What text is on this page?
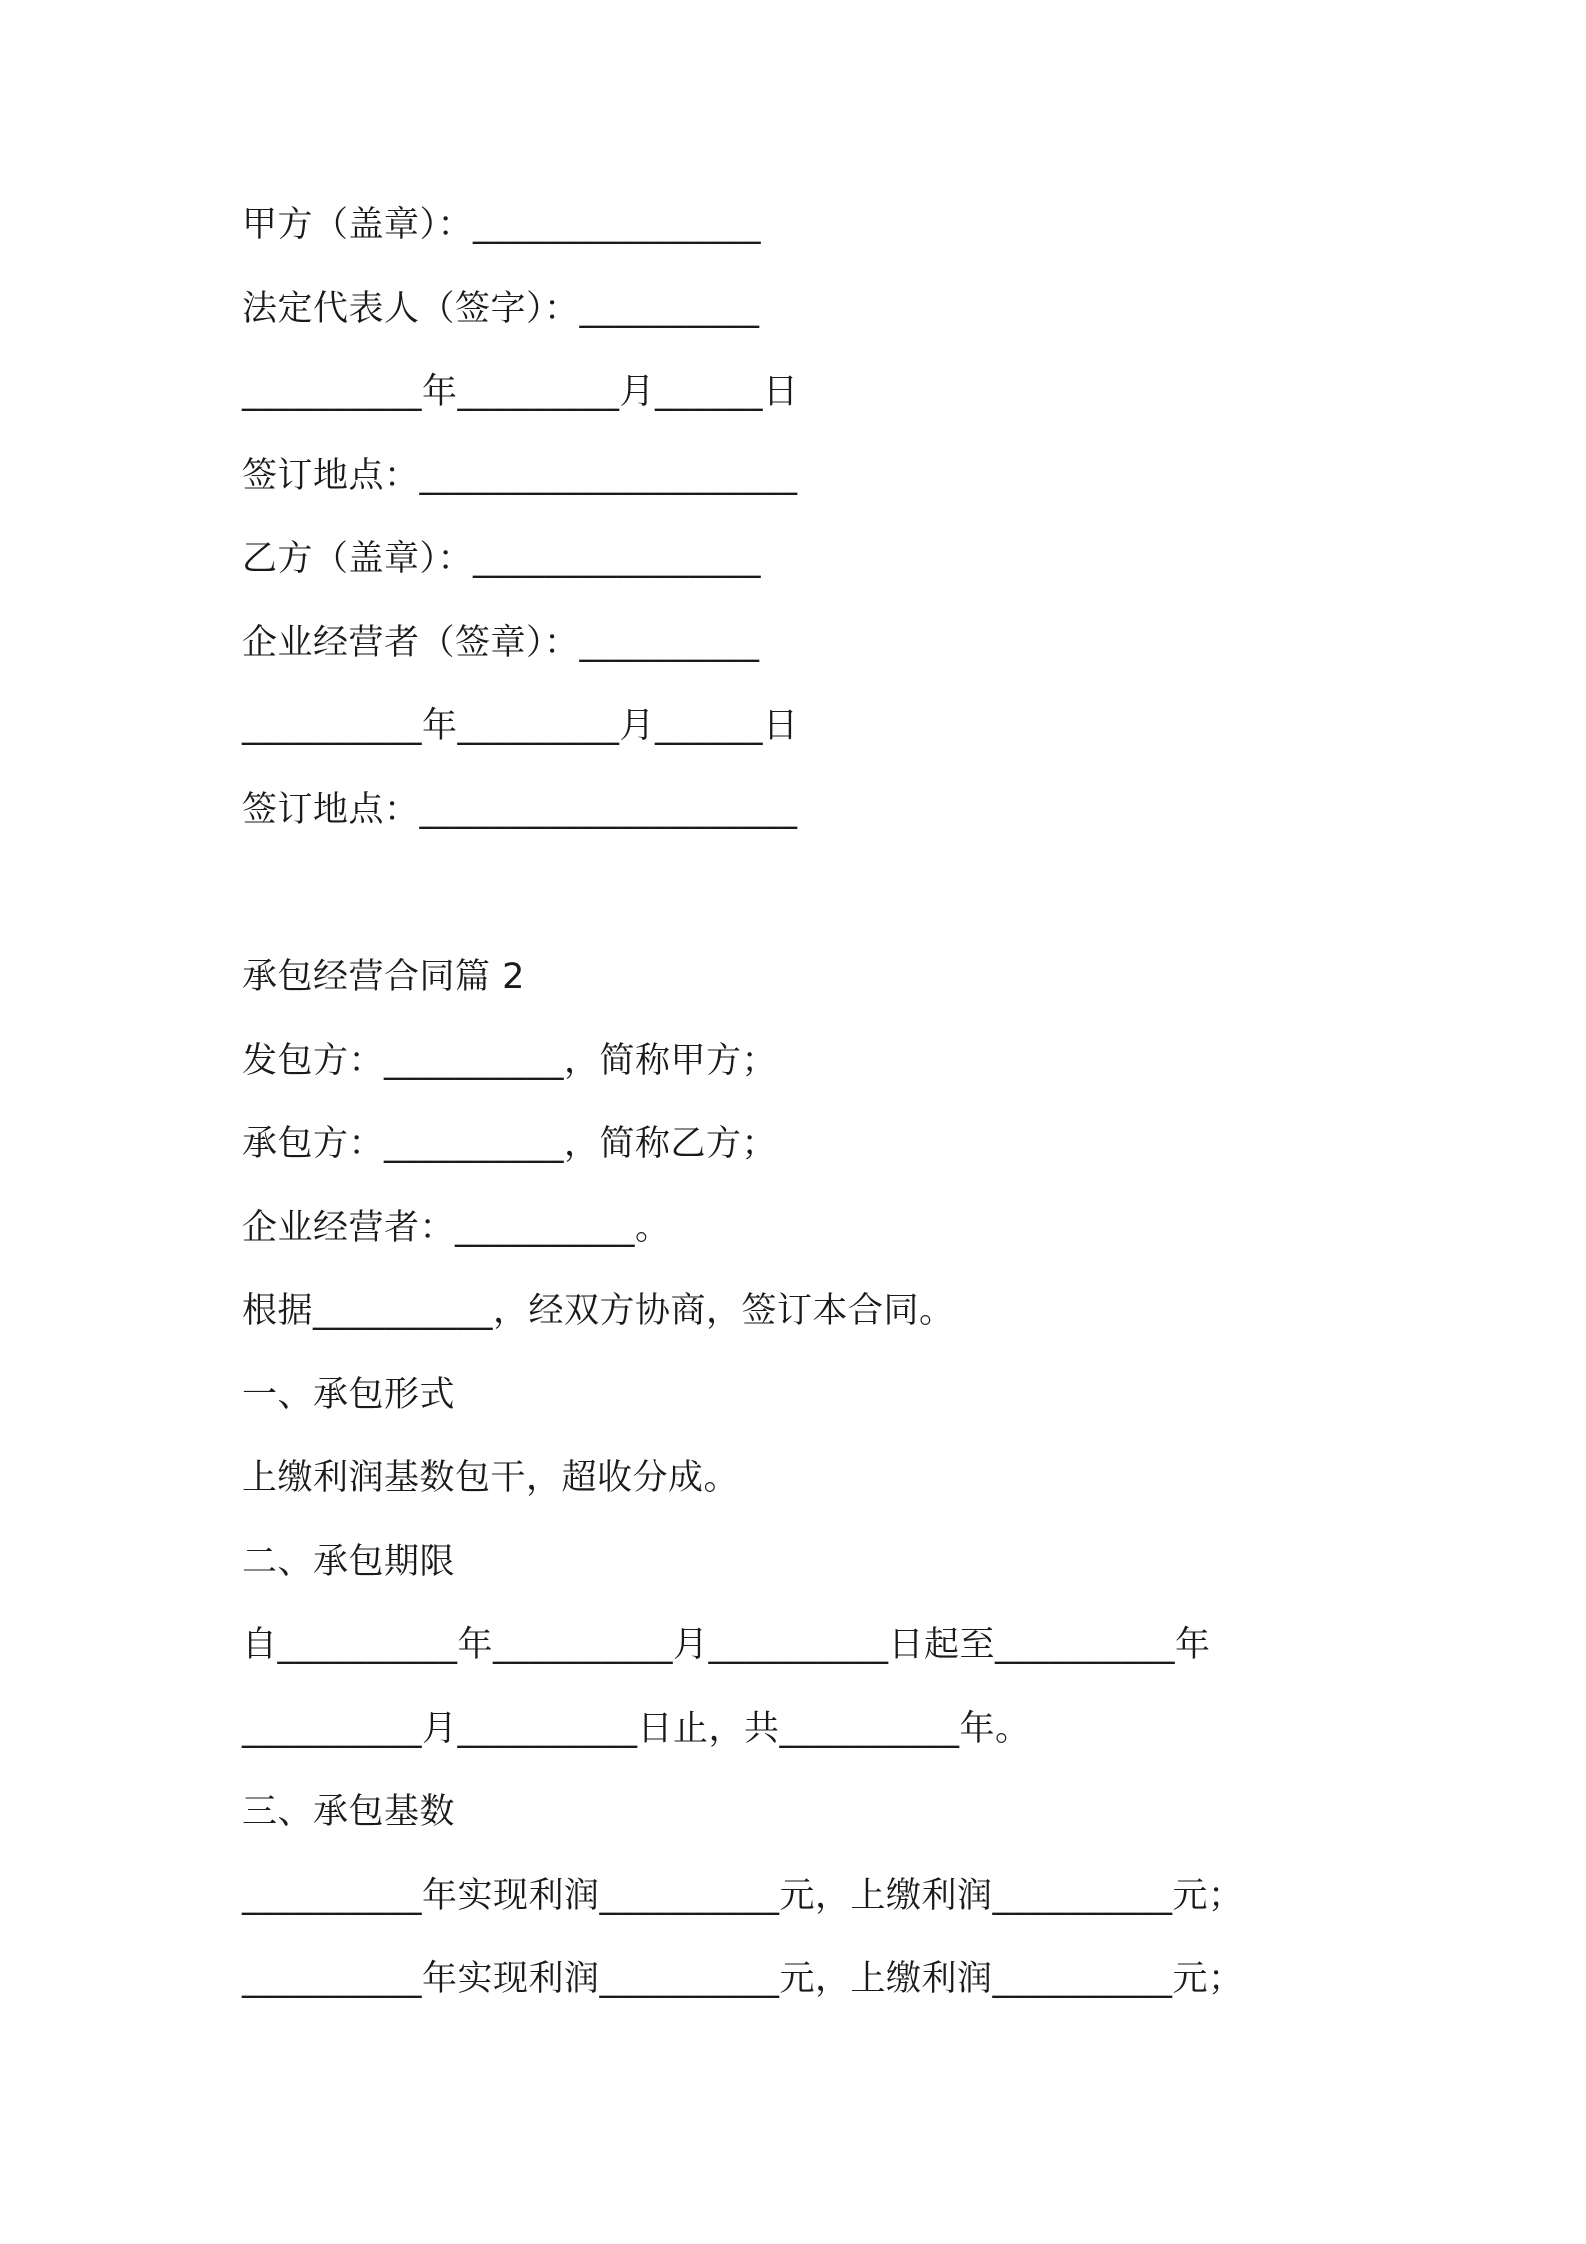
甲方（盖章）：________________
法定代表人（签字）：__________
__________年_________月______日
签订地点：_____________________
乙方（盖章）：________________
企业经营者（签章）：__________
__________年_________月______日
签订地点：_____________________
承包经营合同篇 2
发包方：__________，简称甲方；
承包方：__________，简称乙方；
企业经营者：__________。
根据__________，经双方协商，签订本合同。
一、承包形式
上缴利润基数包干，超收分成。
二、承包期限
自__________年__________月__________日起至__________年
__________月__________日止，共__________年。
三、承包基数
__________年实现利润__________元，上缴利润__________元；
__________年实现利润__________元，上缴利润__________元；
